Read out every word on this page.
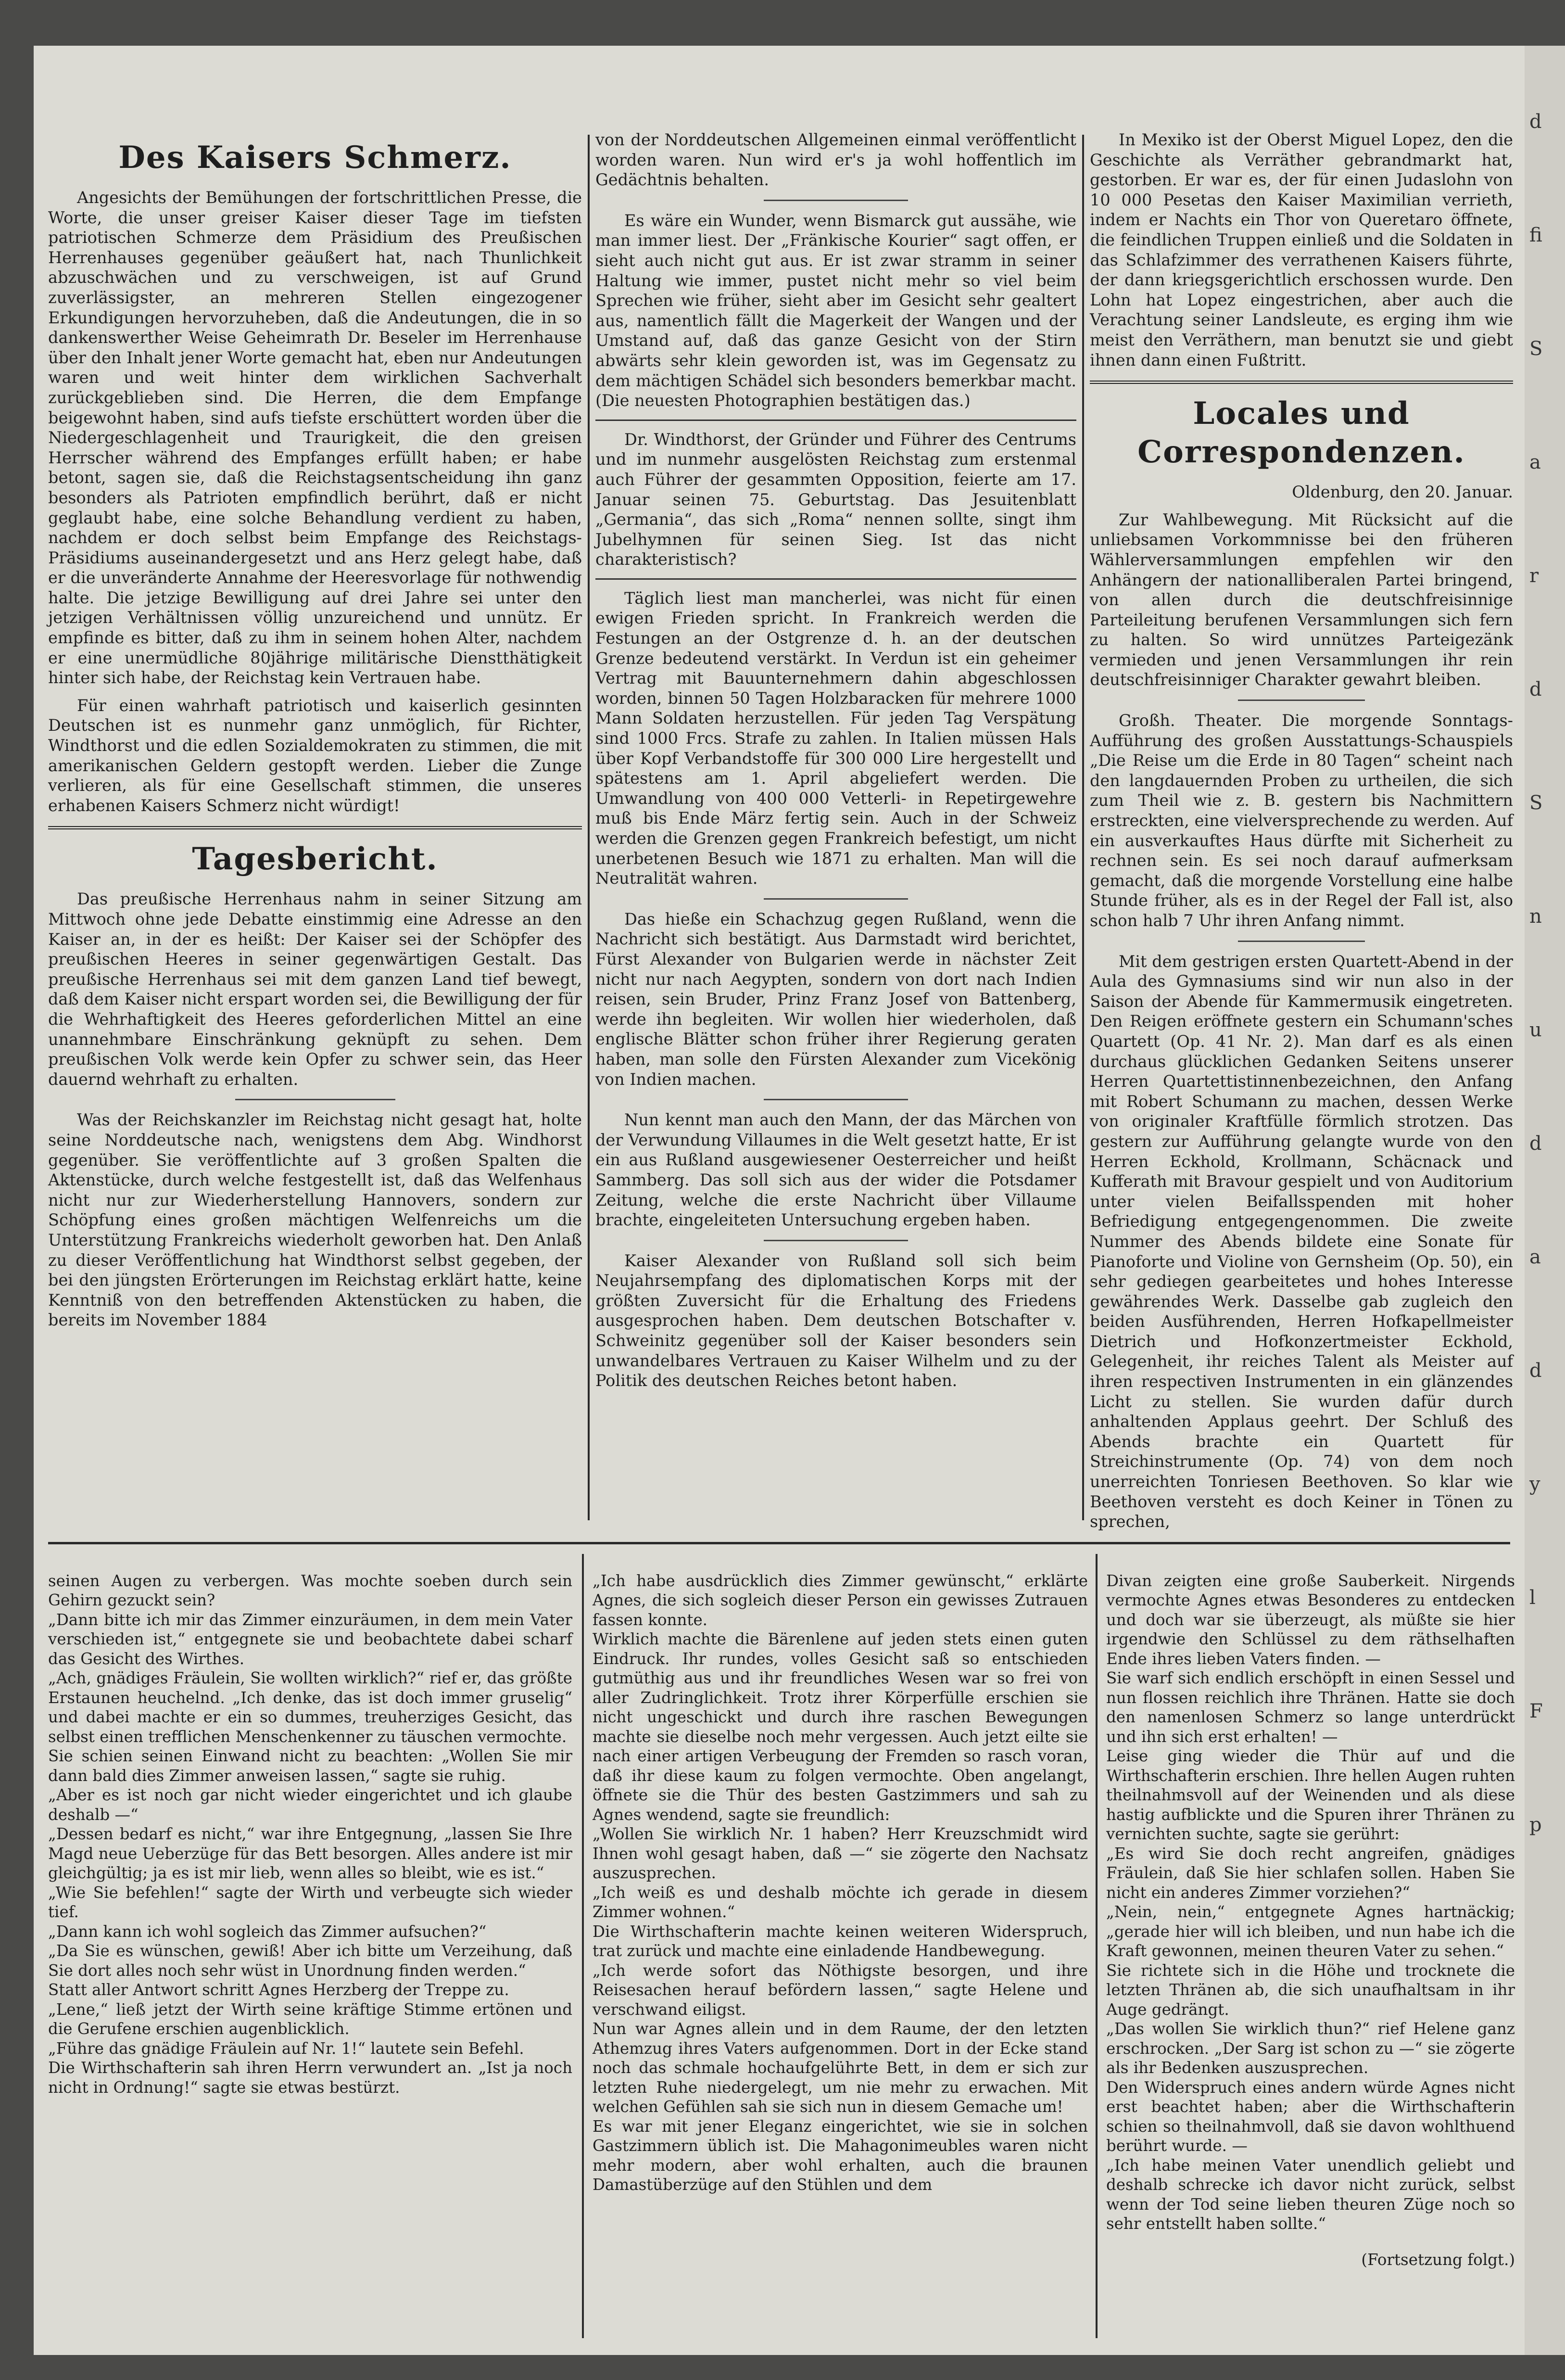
Des Kaisers Schmerz.

Angesichts der Bemühungen der fortschrittlichen Presse, die Worte, die unser greiser Kaiser dieser Tage im tiefsten patriotischen Schmerze dem Präsidium des Preußischen Herrenhauses gegenüber geäußert hat, nach Thunlichkeit abzuschwächen und zu verschweigen, ist auf Grund zuverlässigster, an mehreren Stellen eingezogener Erkundigungen hervorzuheben, daß die Andeutungen, die in so dankenswerther Weise Geheimrath Dr. Beseler im Herrenhause über den Inhalt jener Worte gemacht hat, eben nur Andeutungen waren und weit hinter dem wirklichen Sachverhalt zurückgeblieben sind. Die Herren, die dem Empfange beigewohnt haben, sind aufs tiefste erschüttert worden über die Niedergeschlagenheit und Traurigkeit, die den greisen Herrscher während des Empfanges erfüllt haben; er habe betont, sagen sie, daß die Reichstagsentscheidung ihn ganz besonders als Patrioten empfindlich berührt, daß er nicht geglaubt habe, eine solche Behandlung verdient zu haben, nachdem er doch selbst beim Empfange des Reichstags-Präsidiums auseinandergesetzt und ans Herz gelegt habe, daß er die unveränderte Annahme der Heeresvorlage für nothwendig halte. Die jetzige Bewilligung auf drei Jahre sei unter den jetzigen Verhältnissen völlig unzureichend und unnütz. Er empfinde es bitter, daß zu ihm in seinem hohen Alter, nachdem er eine unermüdliche 80jährige militärische Dienstthätigkeit hinter sich habe, der Reichstag kein Vertrauen habe.

Für einen wahrhaft patriotisch und kaiserlich gesinnten Deutschen ist es nunmehr ganz unmöglich, für Richter, Windthorst und die edlen Sozialdemokraten zu stimmen, die mit amerikanischen Geldern gestopft werden. Lieber die Zunge verlieren, als für eine Gesellschaft stimmen, die unseres erhabenen Kaisers Schmerz nicht würdigt!

Tagesbericht.

Das preußische Herrenhaus nahm in seiner Sitzung am Mittwoch ohne jede Debatte einstimmig eine Adresse an den Kaiser an, in der es heißt: Der Kaiser sei der Schöpfer des preußischen Heeres in seiner gegenwärtigen Gestalt. Das preußische Herrenhaus sei mit dem ganzen Land tief bewegt, daß dem Kaiser nicht erspart worden sei, die Bewilligung der für die Wehrhaftigkeit des Heeres geforderlichen Mittel an eine unannehmbare Einschränkung geknüpft zu sehen. Dem preußischen Volk werde kein Opfer zu schwer sein, das Heer dauernd wehrhaft zu erhalten.

Was der Reichskanzler im Reichstag nicht gesagt hat, holte seine Norddeutsche nach, wenigstens dem Abg. Windhorst gegenüber. Sie veröffentlichte auf 3 großen Spalten die Aktenstücke, durch welche festgestellt ist, daß das Welfenhaus nicht nur zur Wiederherstellung Hannovers, sondern zur Schöpfung eines großen mächtigen Welfenreichs um die Unterstützung Frankreichs wiederholt geworben hat. Den Anlaß zu dieser Veröffentlichung hat Windthorst selbst gegeben, der bei den jüngsten Erörterungen im Reichstag erklärt hatte, keine Kenntniß von den betreffenden Aktenstücken zu haben, die bereits im November 1884

von der Norddeutschen Allgemeinen einmal veröffentlicht worden waren. Nun wird er's ja wohl hoffentlich im Gedächtnis behalten.

Es wäre ein Wunder, wenn Bismarck gut aussähe, wie man immer liest. Der „Fränkische Kourier“ sagt offen, er sieht auch nicht gut aus. Er ist zwar stramm in seiner Haltung wie immer, pustet nicht mehr so viel beim Sprechen wie früher, sieht aber im Gesicht sehr gealtert aus, namentlich fällt die Magerkeit der Wangen und der Umstand auf, daß das ganze Gesicht von der Stirn abwärts sehr klein geworden ist, was im Gegensatz zu dem mächtigen Schädel sich besonders bemerkbar macht. (Die neuesten Photographien bestätigen das.)

Dr. Windthorst, der Gründer und Führer des Centrums und im nunmehr ausgelösten Reichstag zum erstenmal auch Führer der gesammten Opposition, feierte am 17. Januar seinen 75. Geburtstag. Das Jesuitenblatt „Germania“, das sich „Roma“ nennen sollte, singt ihm Jubelhymnen für seinen Sieg. Ist das nicht charakteristisch?

Täglich liest man mancherlei, was nicht für einen ewigen Frieden spricht. In Frankreich werden die Festungen an der Ostgrenze d. h. an der deutschen Grenze bedeutend verstärkt. In Verdun ist ein geheimer Vertrag mit Bauunternehmern dahin abgeschlossen worden, binnen 50 Tagen Holzbaracken für mehrere 1000 Mann Soldaten herzustellen. Für jeden Tag Verspätung sind 1000 Frcs. Strafe zu zahlen. In Italien müssen Hals über Kopf Verbandstoffe für 300 000 Lire hergestellt und spätestens am 1. April abgeliefert werden. Die Umwandlung von 400 000 Vetterli- in Repetirgewehre muß bis Ende März fertig sein. Auch in der Schweiz werden die Grenzen gegen Frankreich befestigt, um nicht unerbetenen Besuch wie 1871 zu erhalten. Man will die Neutralität wahren.

Das hieße ein Schachzug gegen Rußland, wenn die Nachricht sich bestätigt. Aus Darmstadt wird berichtet, Fürst Alexander von Bulgarien werde in nächster Zeit nicht nur nach Aegypten, sondern von dort nach Indien reisen, sein Bruder, Prinz Franz Josef von Battenberg, werde ihn begleiten. Wir wollen hier wiederholen, daß englische Blätter schon früher ihrer Regierung geraten haben, man solle den Fürsten Alexander zum Vicekönig von Indien machen.

Nun kennt man auch den Mann, der das Märchen von der Verwundung Villaumes in die Welt gesetzt hatte, Er ist ein aus Rußland ausgewiesener Oesterreicher und heißt Sammberg. Das soll sich aus der wider die Potsdamer Zeitung, welche die erste Nachricht über Villaume brachte, eingeleiteten Untersuchung ergeben haben.

Kaiser Alexander von Rußland soll sich beim Neujahrsempfang des diplomatischen Korps mit der größten Zuversicht für die Erhaltung des Friedens ausgesprochen haben. Dem deutschen Botschafter v. Schweinitz gegenüber soll der Kaiser besonders sein unwandelbares Vertrauen zu Kaiser Wilhelm und zu der Politik des deutschen Reiches betont haben.

In Mexiko ist der Oberst Miguel Lopez, den die Geschichte als Verräther gebrandmarkt hat, gestorben. Er war es, der für einen Judaslohn von 10 000 Pesetas den Kaiser Maximilian verrieth, indem er Nachts ein Thor von Queretaro öffnete, die feindlichen Truppen einließ und die Soldaten in das Schlafzimmer des verrathenen Kaisers führte, der dann kriegsgerichtlich erschossen wurde. Den Lohn hat Lopez eingestrichen, aber auch die Verachtung seiner Landsleute, es erging ihm wie meist den Verräthern, man benutzt sie und giebt ihnen dann einen Fußtritt.

Locales und Correspondenzen.

Oldenburg, den 20. Januar.

Zur Wahlbewegung. Mit Rücksicht auf die unliebsamen Vorkommnisse bei den früheren Wählerversammlungen empfehlen wir den Anhängern der nationalliberalen Partei bringend, von allen durch die deutschfreisinnige Parteileitung berufenen Versammlungen sich fern zu halten. So wird unnützes Parteigezänk vermieden und jenen Versammlungen ihr rein deutschfreisinniger Charakter gewahrt bleiben.

Großh. Theater. Die morgende Sonntags-Aufführung des großen Ausstattungs-Schauspiels „Die Reise um die Erde in 80 Tagen“ scheint nach den langdauernden Proben zu urtheilen, die sich zum Theil wie z. B. gestern bis Nachmittern erstreckten, eine vielversprechende zu werden. Auf ein ausverkauftes Haus dürfte mit Sicherheit zu rechnen sein. Es sei noch darauf aufmerksam gemacht, daß die morgende Vorstellung eine halbe Stunde früher, als es in der Regel der Fall ist, also schon halb 7 Uhr ihren Anfang nimmt.

Mit dem gestrigen ersten Quartett-Abend in der Aula des Gymnasiums sind wir nun also in der Saison der Abende für Kammermusik eingetreten. Den Reigen eröffnete gestern ein Schumann'sches Quartett (Op. 41 Nr. 2). Man darf es als einen durchaus glücklichen Gedanken Seitens unserer Herren Quartettistinnenbezeichnen, den Anfang mit Robert Schumann zu machen, dessen Werke von originaler Kraftfülle förmlich strotzen. Das gestern zur Aufführung gelangte wurde von den Herren Eckhold, Krollmann, Schäcnack und Kufferath mit Bravour gespielt und von Auditorium unter vielen Beifallsspenden mit hoher Befriedigung entgegengenommen. Die zweite Nummer des Abends bildete eine Sonate für Pianoforte und Violine von Gernsheim (Op. 50), ein sehr gediegen gearbeitetes und hohes Interesse gewährendes Werk. Dasselbe gab zugleich den beiden Ausführenden, Herren Hofkapellmeister Dietrich und Hofkonzertmeister Eckhold, Gelegenheit, ihr reiches Talent als Meister auf ihren respectiven Instrumenten in ein glänzendes Licht zu stellen. Sie wurden dafür durch anhaltenden Applaus geehrt. Der Schluß des Abends brachte ein Quartett für Streichinstrumente (Op. 74) von dem noch unerreichten Tonriesen Beethoven. So klar wie Beethoven versteht es doch Keiner in Tönen zu sprechen,

seinen Augen zu verbergen. Was mochte soeben durch sein Gehirn gezuckt sein?
„Dann bitte ich mir das Zimmer einzuräumen, in dem mein Vater verschieden ist,“ entgegnete sie und beobachtete dabei scharf das Gesicht des Wirthes.
„Ach, gnädiges Fräulein, Sie wollten wirklich?“ rief er, das größte Erstaunen heuchelnd. „Ich denke, das ist doch immer gruselig“ und dabei machte er ein so dummes, treuherziges Gesicht, das selbst einen trefflichen Menschenkenner zu täuschen vermochte.
Sie schien seinen Einwand nicht zu beachten: „Wollen Sie mir dann bald dies Zimmer anweisen lassen,“ sagte sie ruhig.
„Aber es ist noch gar nicht wieder eingerichtet und ich glaube deshalb —“
„Dessen bedarf es nicht,“ war ihre Entgegnung, „lassen Sie Ihre Magd neue Ueberzüge für das Bett besorgen. Alles andere ist mir gleichgültig; ja es ist mir lieb, wenn alles so bleibt, wie es ist.“
„Wie Sie befehlen!“ sagte der Wirth und verbeugte sich wieder tief.
„Dann kann ich wohl sogleich das Zimmer aufsuchen?“
„Da Sie es wünschen, gewiß! Aber ich bitte um Verzeihung, daß Sie dort alles noch sehr wüst in Unordnung finden werden.“
Statt aller Antwort schritt Agnes Herzberg der Treppe zu.
„Lene,“ ließ jetzt der Wirth seine kräftige Stimme ertönen und die Gerufene erschien augenblicklich.
„Führe das gnädige Fräulein auf Nr. 1!“ lautete sein Befehl.
Die Wirthschafterin sah ihren Herrn verwundert an. „Ist ja noch nicht in Ordnung!“ sagte sie etwas bestürzt.

„Ich habe ausdrücklich dies Zimmer gewünscht,“ erklärte Agnes, die sich sogleich dieser Person ein gewisses Zutrauen fassen konnte.
Wirklich machte die Bärenlene auf jeden stets einen guten Eindruck. Ihr rundes, volles Gesicht saß so entschieden gutmüthig aus und ihr freundliches Wesen war so frei von aller Zudringlichkeit. Trotz ihrer Körperfülle erschien sie nicht ungeschickt und durch ihre raschen Bewegungen machte sie dieselbe noch mehr vergessen. Auch jetzt eilte sie nach einer artigen Verbeugung der Fremden so rasch voran, daß ihr diese kaum zu folgen vermochte. Oben angelangt, öffnete sie die Thür des besten Gastzimmers und sah zu Agnes wendend, sagte sie freundlich:
„Wollen Sie wirklich Nr. 1 haben? Herr Kreuzschmidt wird Ihnen wohl gesagt haben, daß —“ sie zögerte den Nachsatz auszusprechen.
„Ich weiß es und deshalb möchte ich gerade in diesem Zimmer wohnen.“
Die Wirthschafterin machte keinen weiteren Widerspruch, trat zurück und machte eine einladende Handbewegung.
„Ich werde sofort das Nöthigste besorgen, und ihre Reisesachen herauf befördern lassen,“ sagte Helene und verschwand eiligst.
Nun war Agnes allein und in dem Raume, der den letzten Athemzug ihres Vaters aufgenommen. Dort in der Ecke stand noch das schmale hochaufgelührte Bett, in dem er sich zur letzten Ruhe niedergelegt, um nie mehr zu erwachen. Mit welchen Gefühlen sah sie sich nun in diesem Gemache um!
Es war mit jener Eleganz eingerichtet, wie sie in solchen Gastzimmern üblich ist. Die Mahagonimeubles waren nicht mehr modern, aber wohl erhalten, auch die braunen Damastüberzüge auf den Stühlen und dem

Divan zeigten eine große Sauberkeit. Nirgends vermochte Agnes etwas Besonderes zu entdecken und doch war sie überzeugt, als müßte sie hier irgendwie den Schlüssel zu dem räthselhaften Ende ihres lieben Vaters finden. —
Sie warf sich endlich erschöpft in einen Sessel und nun flossen reichlich ihre Thränen. Hatte sie doch den namenlosen Schmerz so lange unterdrückt und ihn sich erst erhalten! —
Leise ging wieder die Thür auf und die Wirthschafterin erschien. Ihre hellen Augen ruhten theilnahmsvoll auf der Weinenden und als diese hastig aufblickte und die Spuren ihrer Thränen zu vernichten suchte, sagte sie gerührt:
„Es wird Sie doch recht angreifen, gnädiges Fräulein, daß Sie hier schlafen sollen. Haben Sie nicht ein anderes Zimmer vorziehen?“
„Nein, nein,“ entgegnete Agnes hartnäckig; „gerade hier will ich bleiben, und nun habe ich die Kraft gewonnen, meinen theuren Vater zu sehen.“
Sie richtete sich in die Höhe und trocknete die letzten Thränen ab, die sich unaufhaltsam in ihr Auge gedrängt.
„Das wollen Sie wirklich thun?“ rief Helene ganz erschrocken. „Der Sarg ist schon zu —“ sie zögerte als ihr Bedenken auszusprechen.
Den Widerspruch eines andern würde Agnes nicht erst beachtet haben; aber die Wirthschafterin schien so theilnahmvoll, daß sie davon wohlthuend berührt wurde. —
„Ich habe meinen Vater unendlich geliebt und deshalb schrecke ich davor nicht zurück, selbst wenn der Tod seine lieben theuren Züge noch so sehr entstellt haben sollte.“

(Fortsetzung folgt.)

d
fi
S
a
r
d
S
n
u
d
a
d
y
l
F
p
